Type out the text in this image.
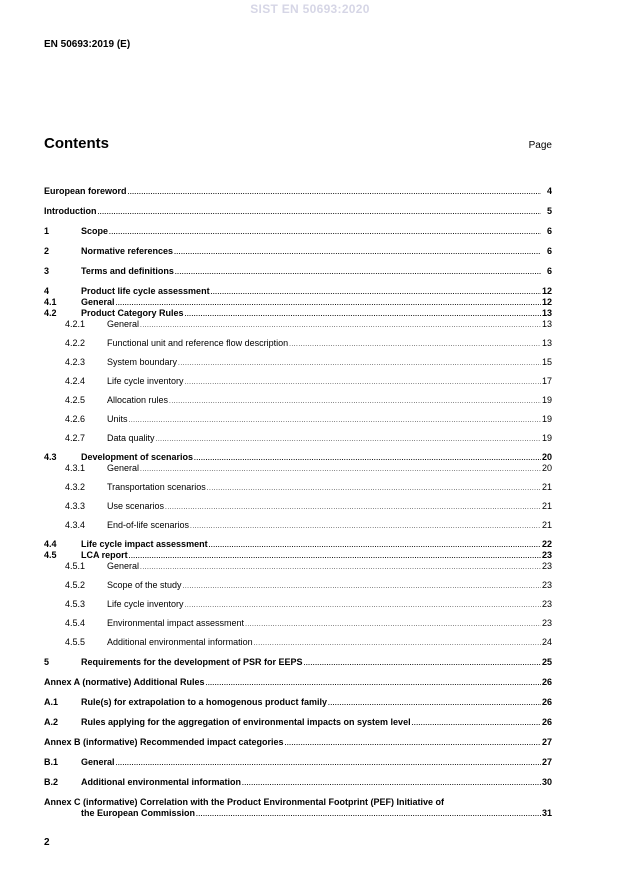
SIST EN 50693:2020
EN 50693:2019 (E)
Contents	Page
European foreword .....	4
Introduction .....	5
1	Scope .....	6
2	Normative references .....	6
3	Terms and definitions .....	6
4	Product life cycle assessment .....	12
4.1	General .....	12
4.2	Product Category Rules .....	13
4.2.1	General .....	13
4.2.2	Functional unit and reference flow description .....	13
4.2.3	System boundary .....	15
4.2.4	Life cycle inventory .....	17
4.2.5	Allocation rules .....	19
4.2.6	Units .....	19
4.2.7	Data quality .....	19
4.3	Development of scenarios .....	20
4.3.1	General .....	20
4.3.2	Transportation scenarios .....	21
4.3.3	Use scenarios .....	21
4.3.4	End-of-life scenarios .....	21
4.4	Life cycle impact assessment .....	22
4.5	LCA report .....	23
4.5.1	General .....	23
4.5.2	Scope of the study .....	23
4.5.3	Life cycle inventory .....	23
4.5.4	Environmental impact assessment .....	23
4.5.5	Additional environmental information .....	24
5	Requirements for the development of PSR for EEPS .....	25
Annex A (normative) Additional Rules .....	26
A.1	Rule(s) for extrapolation to a homogenous product family .....	26
A.2	Rules applying for the aggregation of environmental impacts on system level .....	26
Annex B (informative) Recommended impact categories .....	27
B.1	General .....	27
B.2	Additional environmental information .....	30
Annex C (informative) Correlation with the Product Environmental Footprint (PEF) Initiative of
the European Commission .....	31
2
